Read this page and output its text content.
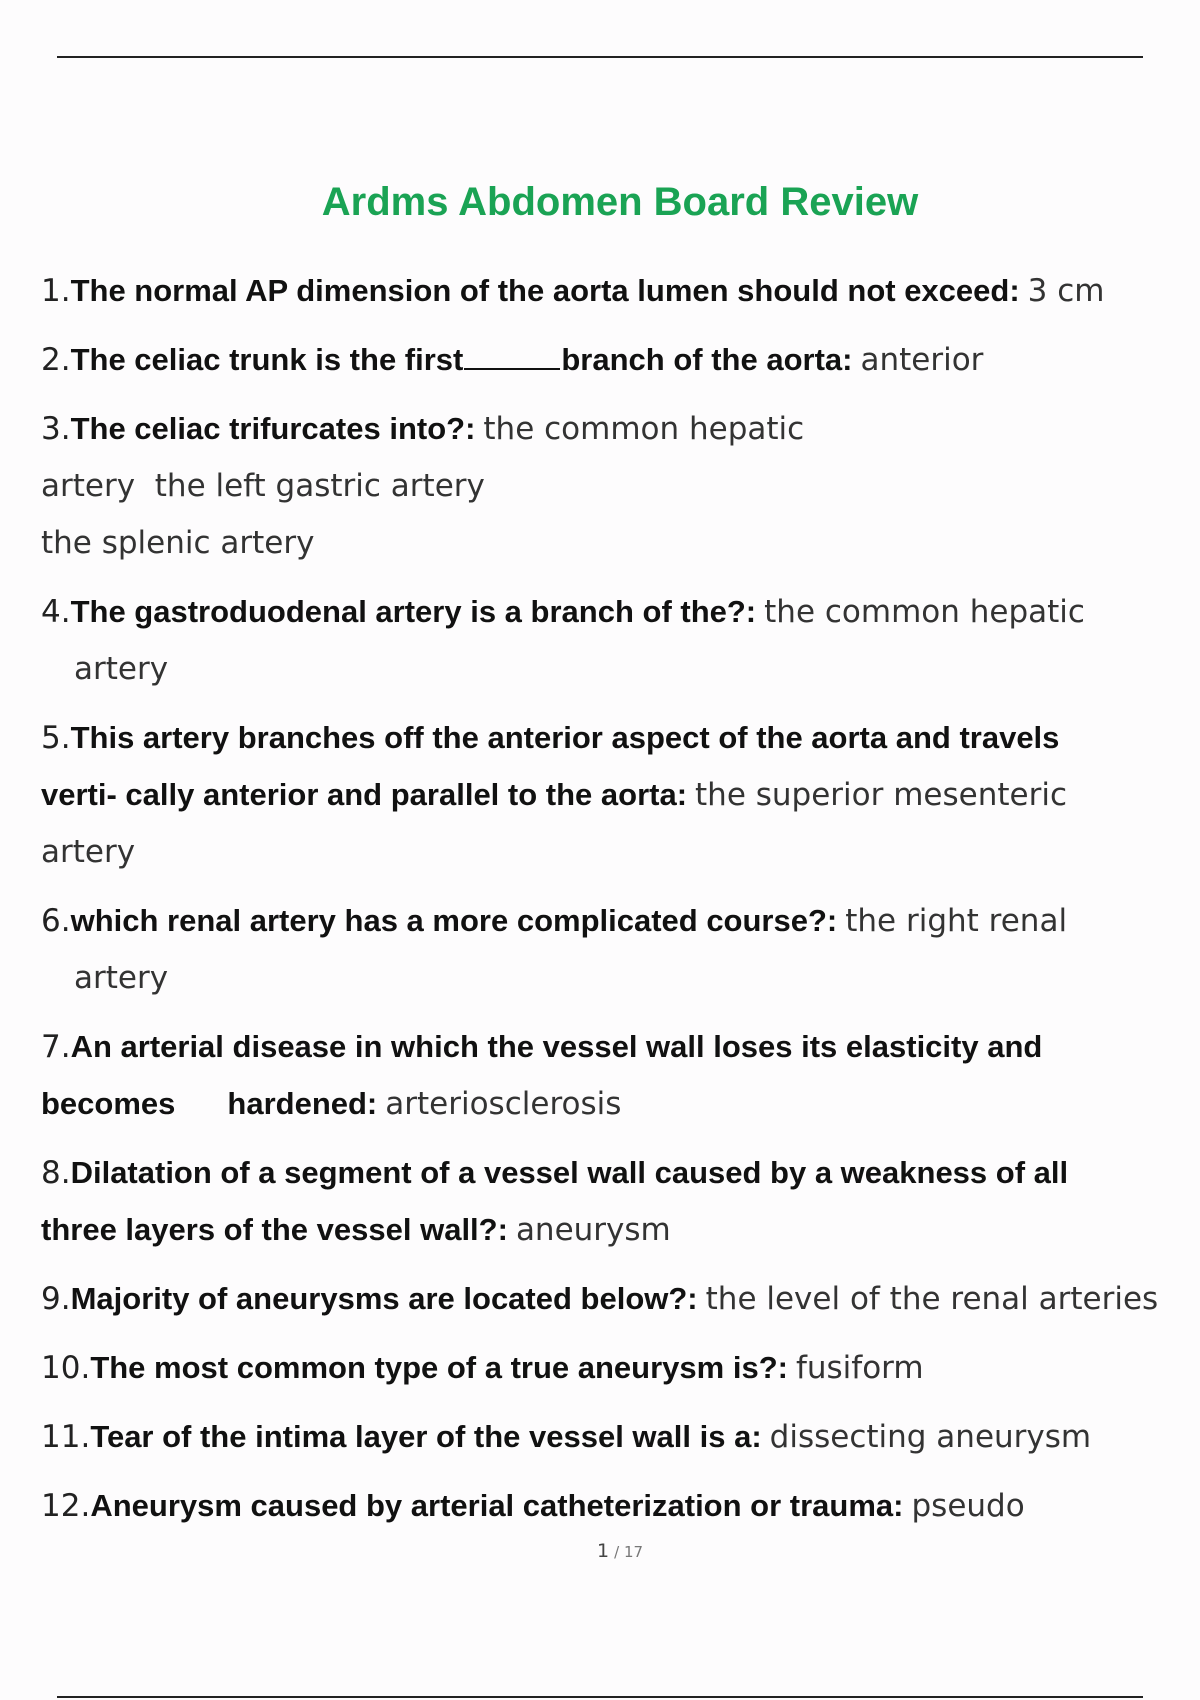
Ardms Abdomen Board Review
1.The normal AP dimension of the aorta lumen should not exceed: 3 cm
2.The celiac trunk is the first	branch of the aorta: anterior
3.The celiac trifurcates into?: the common hepatic
artery  the left gastric artery
the splenic artery
4.The gastroduodenal artery is a branch of the?: the common hepatic
artery
5.This artery branches off the anterior aspect of the aorta and travels
verti- cally anterior and parallel to the aorta: the superior mesenteric
artery
6.which renal artery has a more complicated course?: the right renal
artery
7.An arterial disease in which the vessel wall loses its elasticity and
becomes hardened: arteriosclerosis
8.Dilatation of a segment of a vessel wall caused by a weakness of all
three layers of the vessel wall?: aneurysm
9.Majority of aneurysms are located below?: the level of the renal arteries
10.The most common type of a true aneurysm is?: fusiform
11.Tear of the intima layer of the vessel wall is a: dissecting aneurysm
12.Aneurysm caused by arterial catheterization or trauma: pseudo
1 / 17
